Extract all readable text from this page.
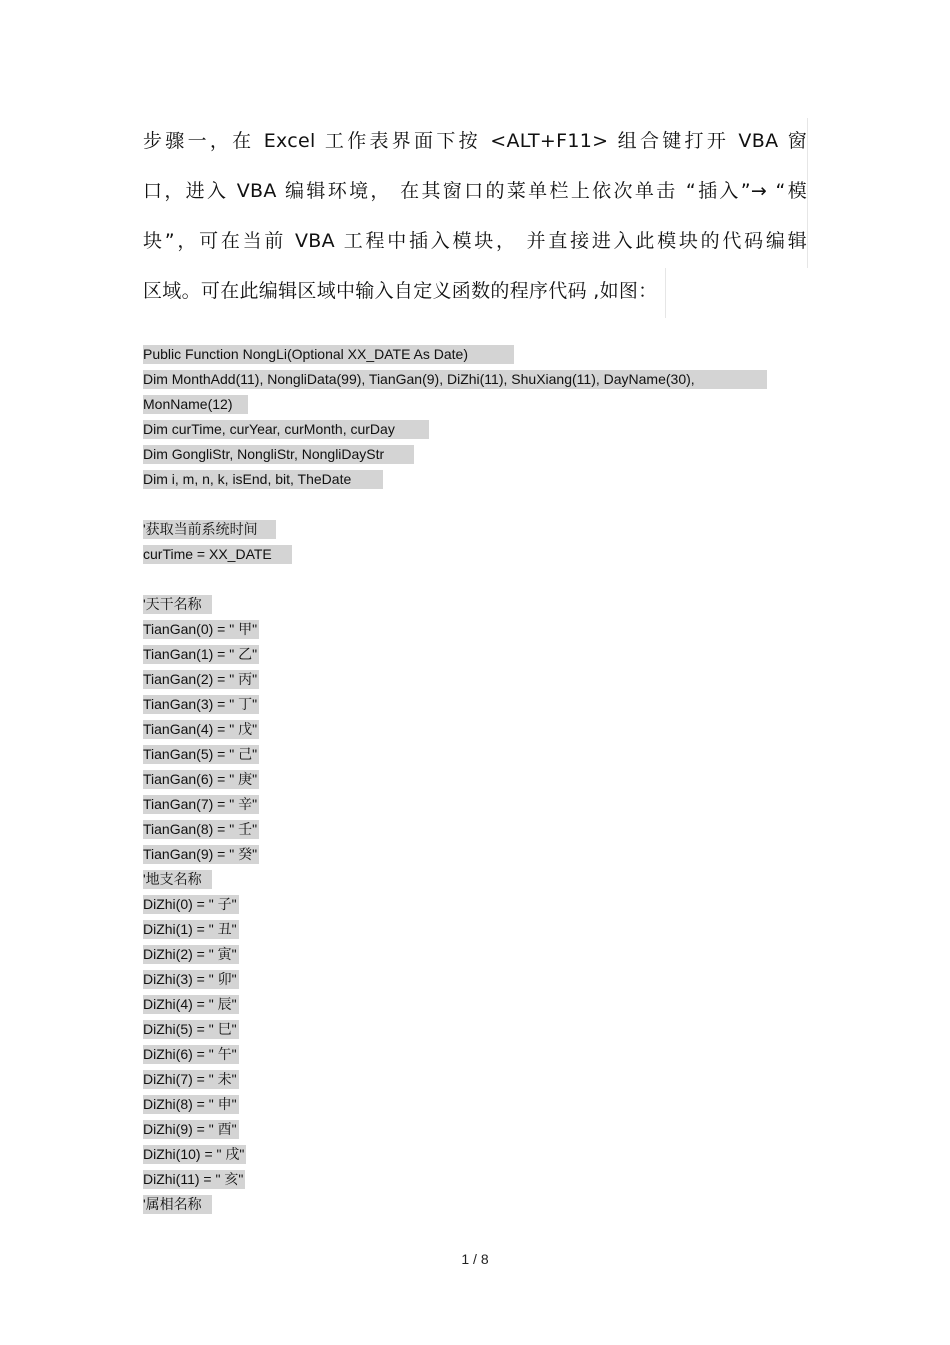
步骤一，在 Excel 工作表界面下按 <ALT+F11> 组合键打开 VBA 窗
口，进入 VBA 编辑环境， 在其窗口的菜单栏上依次单击 “插入”→ “模
块”，可在当前 VBA 工程中插入模块， 并直接进入此模块的代码编辑
区域。可在此编辑区域中输入自定义函数的程序代码 ,如图：
Public Function NongLi(Optional XX_DATE As Date)
Dim MonthAdd(11), NongliData(99), TianGan(9), DiZhi(11), ShuXiang(11), DayName(30),
MonName(12)
Dim curTime, curYear, curMonth, curDay
Dim GongliStr, NongliStr, NongliDayStr
Dim i, m, n, k, isEnd, bit, TheDate
'获取当前系统时间
curTime = XX_DATE
'天干名称
TianGan(0) = " 甲"
TianGan(1) = " 乙"
TianGan(2) = " 丙"
TianGan(3) = " 丁"
TianGan(4) = " 戊"
TianGan(5) = " 己"
TianGan(6) = " 庚"
TianGan(7) = " 辛"
TianGan(8) = " 壬"
TianGan(9) = " 癸"
'地支名称
DiZhi(0) = " 子"
DiZhi(1) = " 丑"
DiZhi(2) = " 寅"
DiZhi(3) = " 卯"
DiZhi(4) = " 辰"
DiZhi(5) = " 巳"
DiZhi(6) = " 午"
DiZhi(7) = " 未"
DiZhi(8) = " 申"
DiZhi(9) = " 酉"
DiZhi(10) = " 戌"
DiZhi(11) = " 亥"
'属相名称
1 / 8
